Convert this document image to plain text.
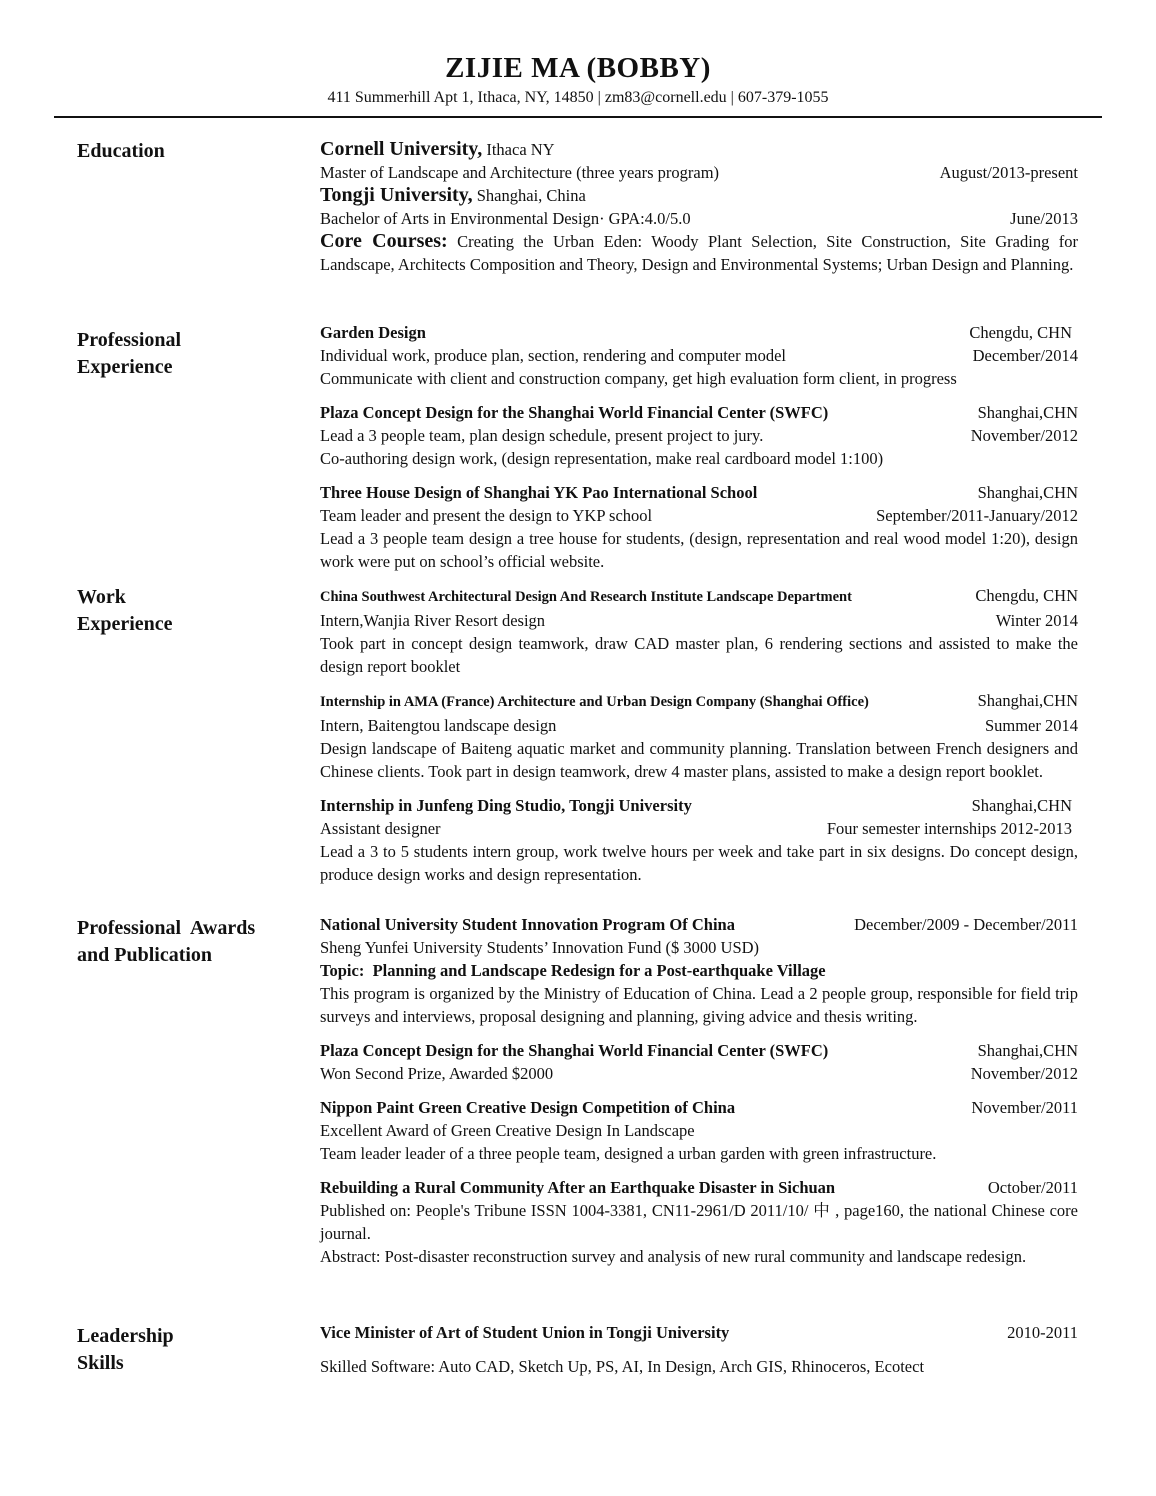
ZIJIE MA (BOBBY)
411 Summerhill Apt 1, Ithaca, NY, 14850 | zm83@cornell.edu | 607-379-1055
Education	Cornell University, Ithaca NY
Master of Landscape and Architecture (three years program)	August/2013-present
Tongji University, Shanghai, China
Bachelor of Arts in Environmental Design· GPA:4.0/5.0	June/2013
Core Courses: Creating the Urban Eden: Woody Plant Selection, Site Construction, Site Grading for Landscape, Architects Composition and Theory, Design and Environmental Systems; Urban Design and Planning.
Professional
Experience
Garden Design	Chengdu, CHN
Individual work, produce plan, section, rendering and computer model	December/2014
Communicate with client and construction company, get high evaluation form client, in progress
Plaza Concept Design for the Shanghai World Financial Center (SWFC)	Shanghai,CHN
Lead a 3 people team, plan design schedule, present project to jury.	November/2012
Co-authoring design work, (design representation, make real cardboard model 1:100)
Three House Design of Shanghai YK Pao International School	Shanghai,CHN
Team leader and present the design to YKP school	September/2011-January/2012
Lead a 3 people team design a tree house for students, (design, representation and real wood model 1:20), design work were put on school’s official website.
Work
Experience
China Southwest Architectural Design And Research Institute Landscape Department	Chengdu, CHN
Intern,Wanjia River Resort design	Winter 2014
Took part in concept design teamwork, draw CAD master plan, 6 rendering sections and assisted to make the design report booklet
Internship in AMA (France) Architecture and Urban Design Company (Shanghai Office)	Shanghai,CHN
Intern, Baitengtou landscape design	Summer 2014
Design landscape of Baiteng aquatic market and community planning. Translation between French designers and Chinese clients. Took part in design teamwork, drew 4 master plans, assisted to make a design report booklet.
Internship in Junfeng Ding Studio, Tongji University	Shanghai,CHN
Assistant designer	Four semester internships 2012-2013
Lead a 3 to 5 students intern group, work twelve hours per week and take part in six designs. Do concept design, produce design works and design representation.
Professional  Awards
and Publication
National University Student Innovation Program Of China	December/2009 - December/2011
Sheng Yunfei University Students’ Innovation Fund ($ 3000 USD)
Topic:  Planning and Landscape Redesign for a Post-earthquake Village
This program is organized by the Ministry of Education of China. Lead a 2 people group, responsible for field trip surveys and interviews, proposal designing and planning, giving advice and thesis writing.
Plaza Concept Design for the Shanghai World Financial Center (SWFC)	Shanghai,CHN
Won Second Prize, Awarded $2000	November/2012
Nippon Paint Green Creative Design Competition of China	November/2011
Excellent Award of Green Creative Design In Landscape
Team leader leader of a three people team, designed a urban garden with green infrastructure.
Rebuilding a Rural Community After an Earthquake Disaster in Sichuan	October/2011
Published on: People's Tribune ISSN 1004-3381, CN11-2961/D 2011/10/ 中 , page160, the national Chinese core journal.
Abstract: Post-disaster reconstruction survey and analysis of new rural community and landscape redesign.
Leadership
Skills
Vice Minister of Art of Student Union in Tongji University	2010-2011
Skilled Software: Auto CAD, Sketch Up, PS, AI, In Design, Arch GIS, Rhinoceros, Ecotect
